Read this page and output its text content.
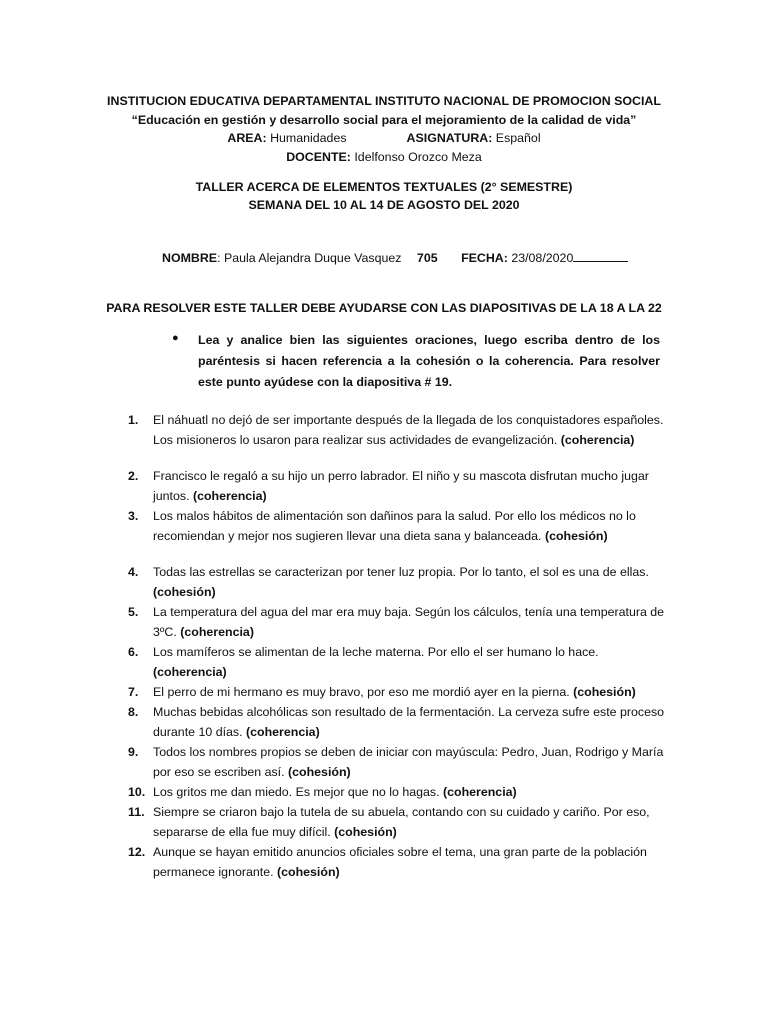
INSTITUCION EDUCATIVA DEPARTAMENTAL INSTITUTO NACIONAL DE PROMOCION SOCIAL
“Educación en gestión y desarrollo social para el mejoramiento de la calidad de vida”
AREA: Humanidades	ASIGNATURA: Español
DOCENTE: Idelfonso Orozco Meza
TALLER ACERCA DE ELEMENTOS TEXTUALES (2° SEMESTRE)
SEMANA DEL 10 AL 14 DE AGOSTO DEL 2020
NOMBRE: Paula Alejandra Duque Vasquez 705 FECHA: 23/08/2020
PARA RESOLVER ESTE TALLER DEBE AYUDARSE CON LAS DIAPOSITIVAS DE LA 18 A LA 22
● Lea y analice bien las siguientes oraciones, luego escriba dentro de los paréntesis si hacen referencia a la cohesión o la coherencia. Para resolver este punto ayúdese con la diapositiva # 19.
1. El náhuatl no dejó de ser importante después de la llegada de los conquistadores españoles. Los misioneros lo usaron para realizar sus actividades de evangelización. (coherencia)
2. Francisco le regaló a su hijo un perro labrador. El niño y su mascota disfrutan mucho jugar juntos. (coherencia)
3. Los malos hábitos de alimentación son dañinos para la salud. Por ello los médicos no lo recomiendan y mejor nos sugieren llevar una dieta sana y balanceada. (cohesión)
4. Todas las estrellas se caracterizan por tener luz propia. Por lo tanto, el sol es una de ellas. (cohesión)
5. La temperatura del agua del mar era muy baja. Según los cálculos, tenía una temperatura de 3ºC. (coherencia)
6. Los mamíferos se alimentan de la leche materna. Por ello el ser humano lo hace. (coherencia)
7. El perro de mi hermano es muy bravo, por eso me mordió ayer en la pierna. (cohesión)
8. Muchas bebidas alcohólicas son resultado de la fermentación. La cerveza sufre este proceso durante 10 días. (coherencia)
9. Todos los nombres propios se deben de iniciar con mayúscula: Pedro, Juan, Rodrigo y María por eso se escriben así. (cohesión)
10. Los gritos me dan miedo. Es mejor que no lo hagas. (coherencia)
11. Siempre se criaron bajo la tutela de su abuela, contando con su cuidado y cariño. Por eso, separarse de ella fue muy difícil. (cohesión)
12. Aunque se hayan emitido anuncios oficiales sobre el tema, una gran parte de la población permanece ignorante. (cohesión)
